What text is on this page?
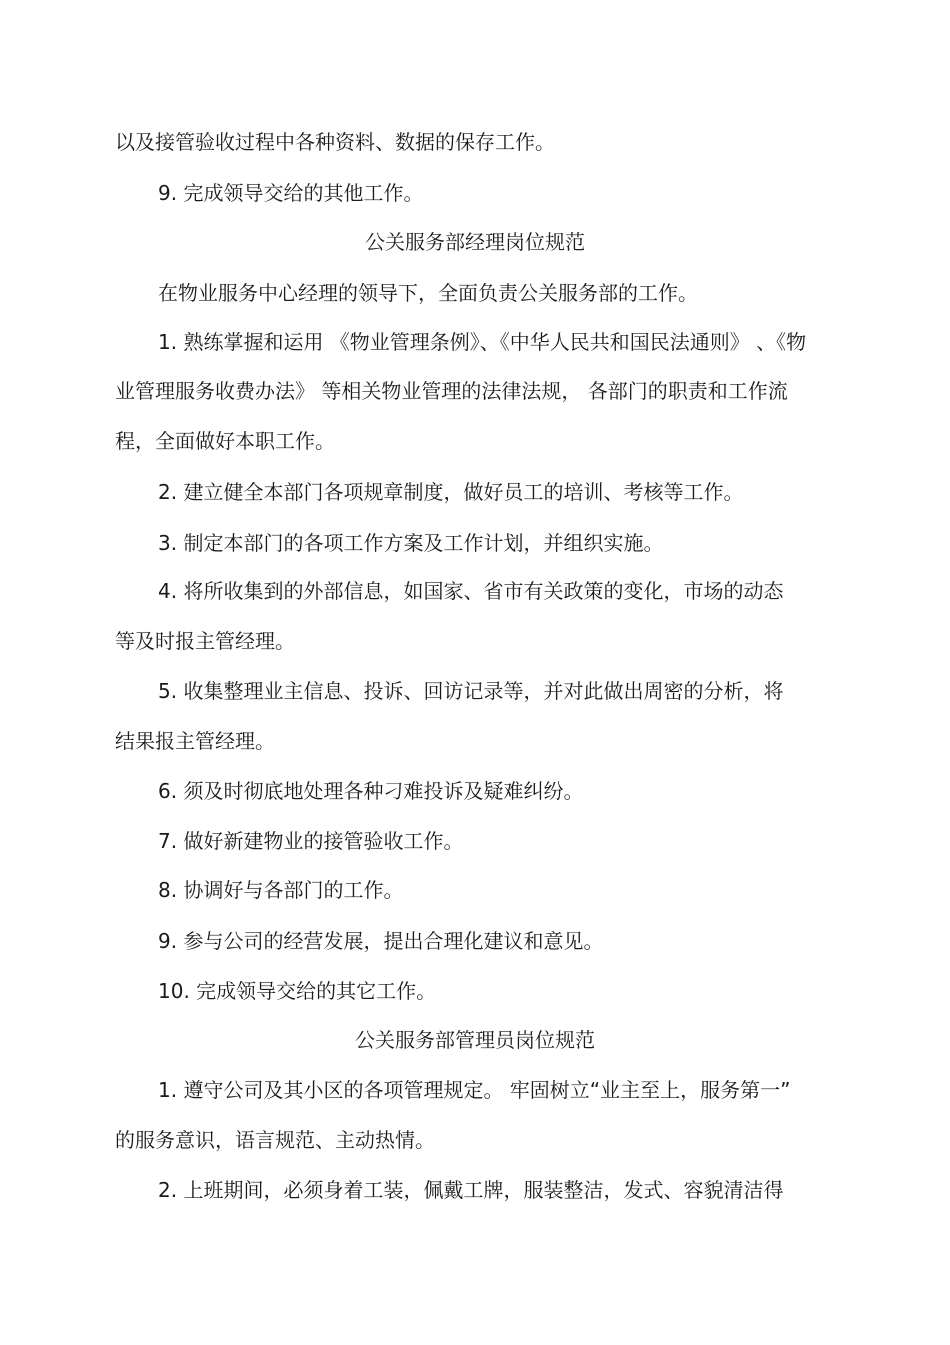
以及接管验收过程中各种资料、数据的保存工作。
9. 完成领导交给的其他工作。
公关服务部经理岗位规范
在物业服务中心经理的领导下，全面负责公关服务部的工作。
1. 熟练掌握和运用 《物业管理条例》、《中华人民共和国民法通则》 、《物
业管理服务收费办法》 等相关物业管理的法律法规， 各部门的职责和工作流
程，全面做好本职工作。
2. 建立健全本部门各项规章制度，做好员工的培训、考核等工作。
3. 制定本部门的各项工作方案及工作计划，并组织实施。
4. 将所收集到的外部信息，如国家、省市有关政策的变化，市场的动态
等及时报主管经理。
5. 收集整理业主信息、投诉、回访记录等，并对此做出周密的分析，将
结果报主管经理。
6. 须及时彻底地处理各种刁难投诉及疑难纠纷。
7. 做好新建物业的接管验收工作。
8. 协调好与各部门的工作。
9. 参与公司的经营发展，提出合理化建议和意见。
10. 完成领导交给的其它工作。
公关服务部管理员岗位规范
1. 遵守公司及其小区的各项管理规定。 牢固树立“业主至上，服务第一”
的服务意识，语言规范、主动热情。
2. 上班期间，必须身着工装，佩戴工牌，服装整洁，发式、容貌清洁得
